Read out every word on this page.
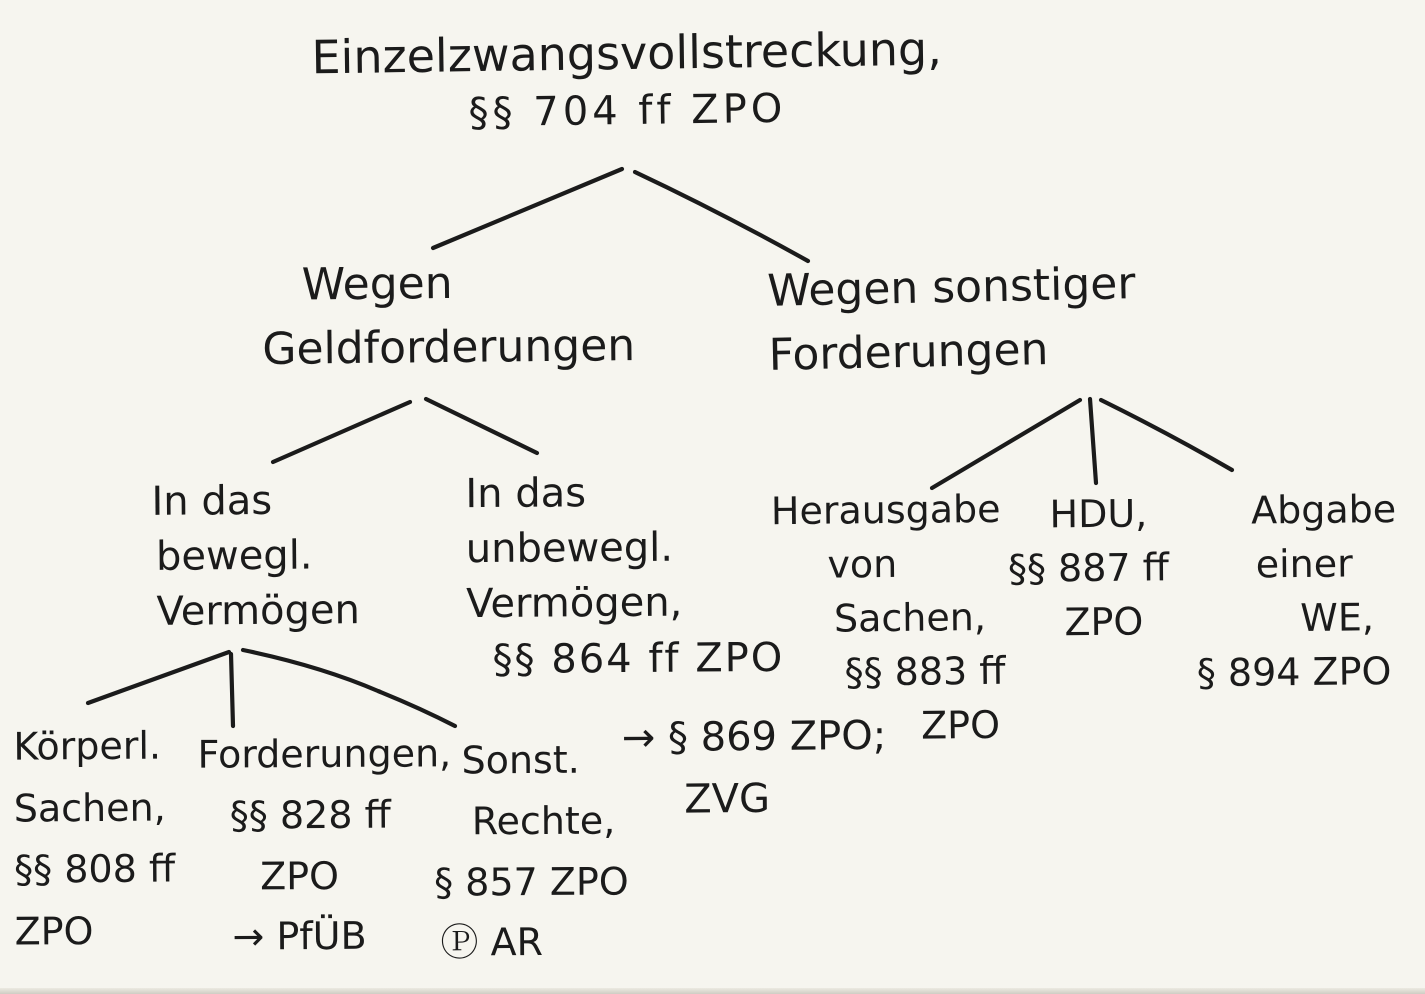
Einzelzwangsvollstreckung,
§§ 704 ff ZPO
Wegen
Geldforderungen
Wegen sonstiger
Forderungen
In das
bewegl.
Vermögen
In das
unbewegl.
Vermögen,
§§ 864 ff ZPO
Körperl.
Sachen,
§§ 808 ff
ZPO
Forderungen,
§§ 828 ff
ZPO
→ PfÜB
Sonst.
Rechte,
§ 857 ZPO
Ⓟ AR
→ § 869 ZPO;
ZVG
Herausgabe
von
Sachen,
§§ 883 ff
ZPO
HDU,
§§ 887 ff
ZPO
Abgabe
einer
WE,
§ 894 ZPO
